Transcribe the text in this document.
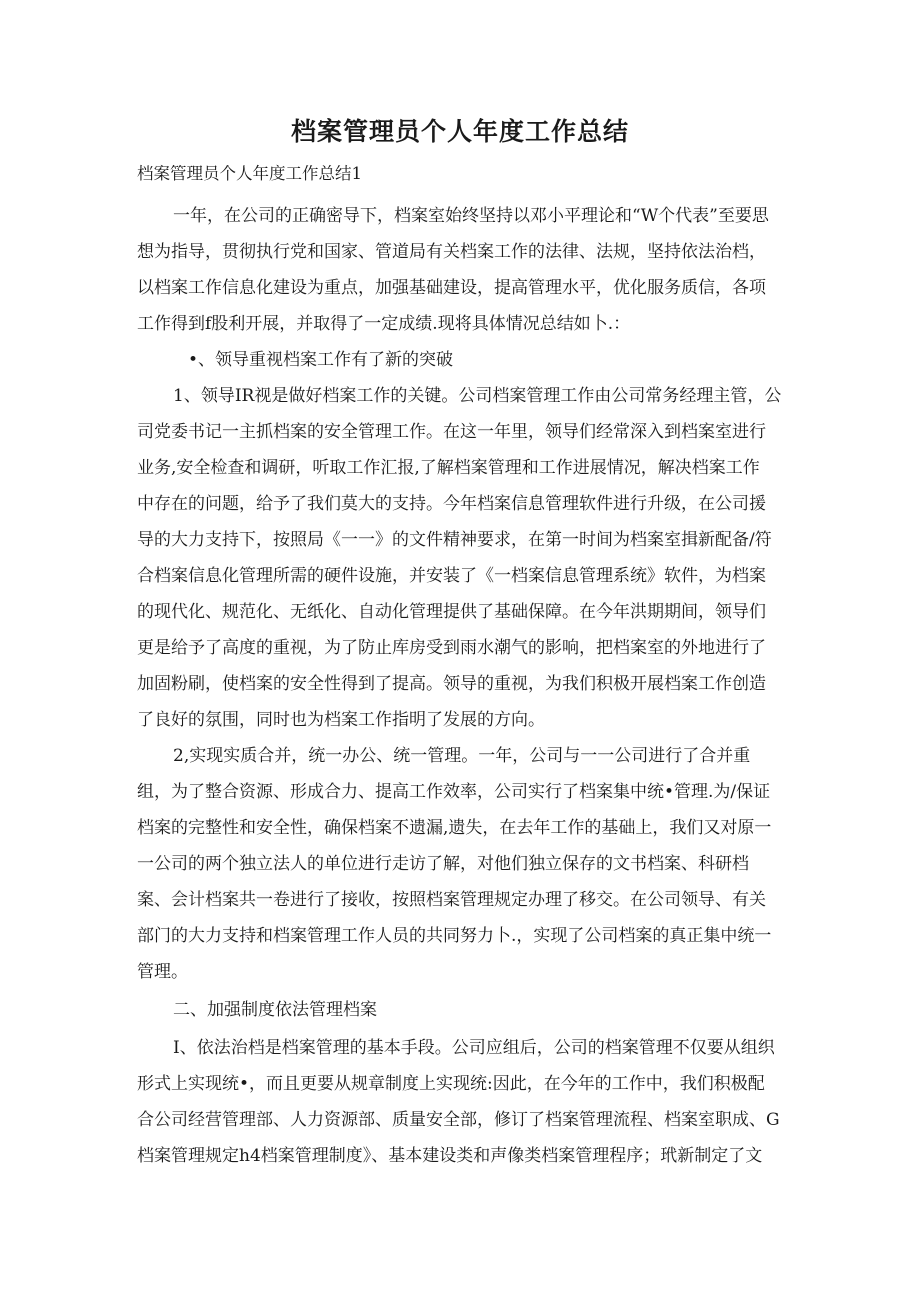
档案管理员个人年度工作总结

档案管理员个人年度工作总结1

一年，在公司的正确密导下，档案室始终坚持以邓小平理论和“W个代表”至要思

想为指导，贯彻执行党和国家、管道局有关档案工作的法律、法规，坚持依法治档，

以档案工作信息化建设为重点，加强基础建设，提高管理水平，优化服务质信，各项

工作得到f股利开展，并取得了一定成绩.现将具体情况总结如卜.：

•、领导重视档案工作有了新的突破

1、领导IR视是做好档案工作的关键。公司档案管理工作由公司常务经理主管，公

司党委书记一主抓档案的安全管理工作。在这一年里，领导们经常深入到档案室进行

业务,安全检查和调研，听取工作汇报,了解档案管理和工作进展情况，解决档案工作

中存在的问题，给予了我们莫大的支持。今年档案信息管理软件进行升级，在公司援

导的大力支持下，按照局《一一》的文件精神要求，在第一时间为档案室揖新配备/符

合档案信息化管理所需的硬件设施，并安装了《一档案信息管理系统》软件，为档案

的现代化、规范化、无纸化、自动化管理提供了基础保障。在今年洪期期间，领导们

更是给予了高度的重视，为了防止库房受到雨水潮气的影响，把档案室的外地进行了

加固粉刷，使档案的安全性得到了提高。领导的重视，为我们积极开展档案工作创造

了良好的氛围，同时也为档案工作指明了发展的方向。

2,实现实质合并，统一办公、统一管理。一年，公司与一一公司进行了合并重

组，为了整合资源、形成合力、提高工作效率，公司实行了档案集中统•管理.为/保证

档案的完整性和安全性，确保档案不遗漏,遗失，在去年工作的基础上，我们又对原一

一公司的两个独立法人的单位进行走访了解，对他们独立保存的文书档案、科研档

案、会计档案共一卷进行了接收，按照档案管理规定办理了移交。在公司领导、有关

部门的大力支持和档案管理工作人员的共同努力卜.，实现了公司档案的真正集中统一

管理。

二、加强制度依法管理档案

I、依法治档是档案管理的基本手段。公司应组后，公司的档案管理不仅要从组织

形式上实现统•，而且更要从规章制度上实现统:因此，在今年的工作中，我们积极配

合公司经营管理部、人力资源部、质量安全部，修订了档案管理流程、档案室职成、G

档案管理规定h4档案管理制度》、基本建设类和声像类档案管理程序；玳新制定了文
